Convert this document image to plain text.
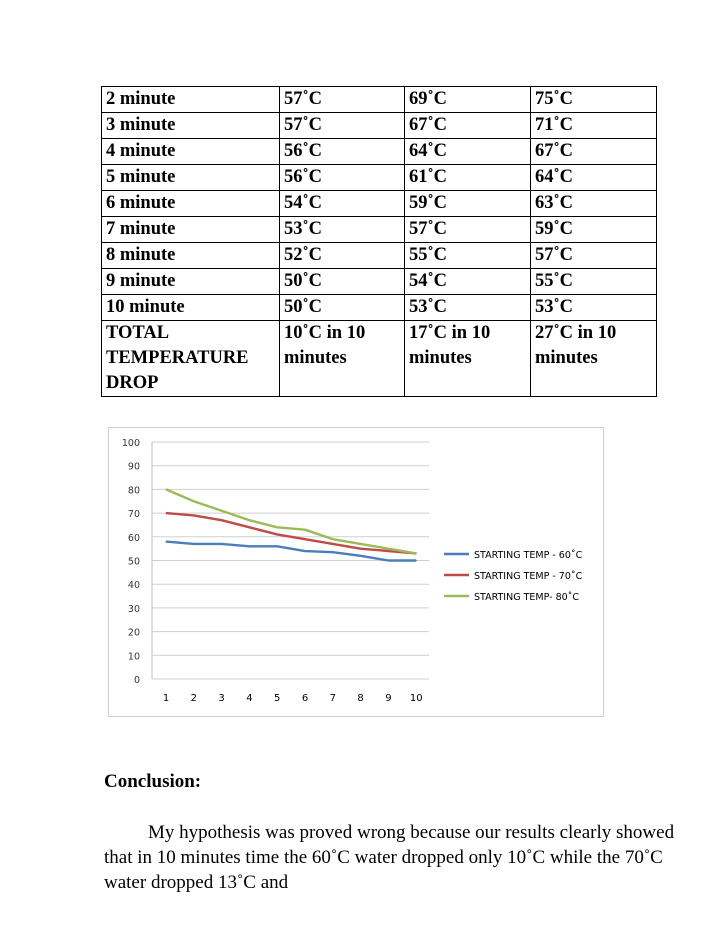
2 minute	57˚C	69˚C	75˚C
3 minute	57˚C	67˚C	71˚C
4 minute	56˚C	64˚C	67˚C
5 minute	56˚C	61˚C	64˚C
6 minute	54˚C	59˚C	63˚C
7 minute	53˚C	57˚C	59˚C
8 minute	52˚C	55˚C	57˚C
9 minute	50˚C	54˚C	55˚C
10 minute	50˚C	53˚C	53˚C
TOTAL TEMPERATURE DROP	10˚C in 10 minutes	17˚C in 10 minutes	27˚C in 10 minutes
0
10
20
30
40
50
60
70
80
90
100
1 2 3 4 5 6 7 8 9 10
STARTING TEMP - 60˚C
STARTING TEMP - 70˚C
STARTING TEMP- 80˚C

Conclusion:

My hypothesis was proved wrong because our results clearly showed that in 10 minutes time the 60˚C water dropped only 10˚C while the 70˚C water dropped 13˚C and
